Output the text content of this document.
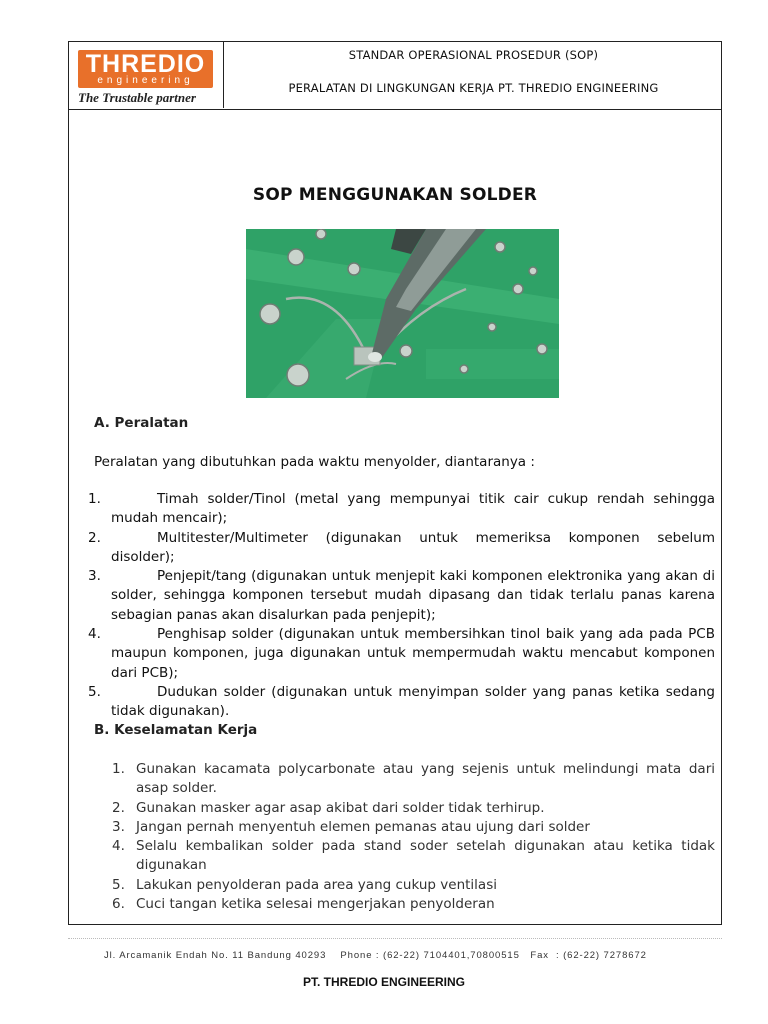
THREDIO
engineering
The Trustable partner
STANDAR OPERASIONAL PROSEDUR (SOP)
PERALATAN DI LINGKUNGAN KERJA PT. THREDIO ENGINEERING
SOP MENGGUNAKAN SOLDER
A. Peralatan
Peralatan yang dibutuhkan pada waktu menyolder, diantaranya :
1.	Timah solder/Tinol (metal yang mempunyai titik cair cukup rendah sehingga mudah mencair);
2.	Multitester/Multimeter (digunakan untuk memeriksa komponen sebelum disolder);
3.	Penjepit/tang (digunakan untuk menjepit kaki komponen elektronika yang akan di solder, sehingga komponen tersebut mudah dipasang dan tidak terlalu panas karena sebagian panas akan disalurkan pada penjepit);
4.	Penghisap solder (digunakan untuk membersihkan tinol baik yang ada pada PCB maupun komponen, juga digunakan untuk mempermudah waktu mencabut komponen dari PCB);
5.	Dudukan solder (digunakan untuk menyimpan solder yang panas ketika sedang tidak digunakan).
B. Keselamatan Kerja
1. Gunakan kacamata polycarbonate atau yang sejenis untuk melindungi mata dari asap solder.
2. Gunakan masker agar asap akibat dari solder tidak terhirup.
3. Jangan pernah menyentuh elemen pemanas atau ujung dari solder
4. Selalu kembalikan solder pada stand soder setelah digunakan atau ketika tidak digunakan
5. Lakukan penyolderan pada area yang cukup ventilasi
6. Cuci tangan ketika selesai mengerjakan penyolderan
Jl. Arcamanik Endah No. 11 Bandung 40293    Phone : (62-22) 7104401,70800515   Fax  : (62-22) 7278672
PT. THREDIO ENGINEERING
